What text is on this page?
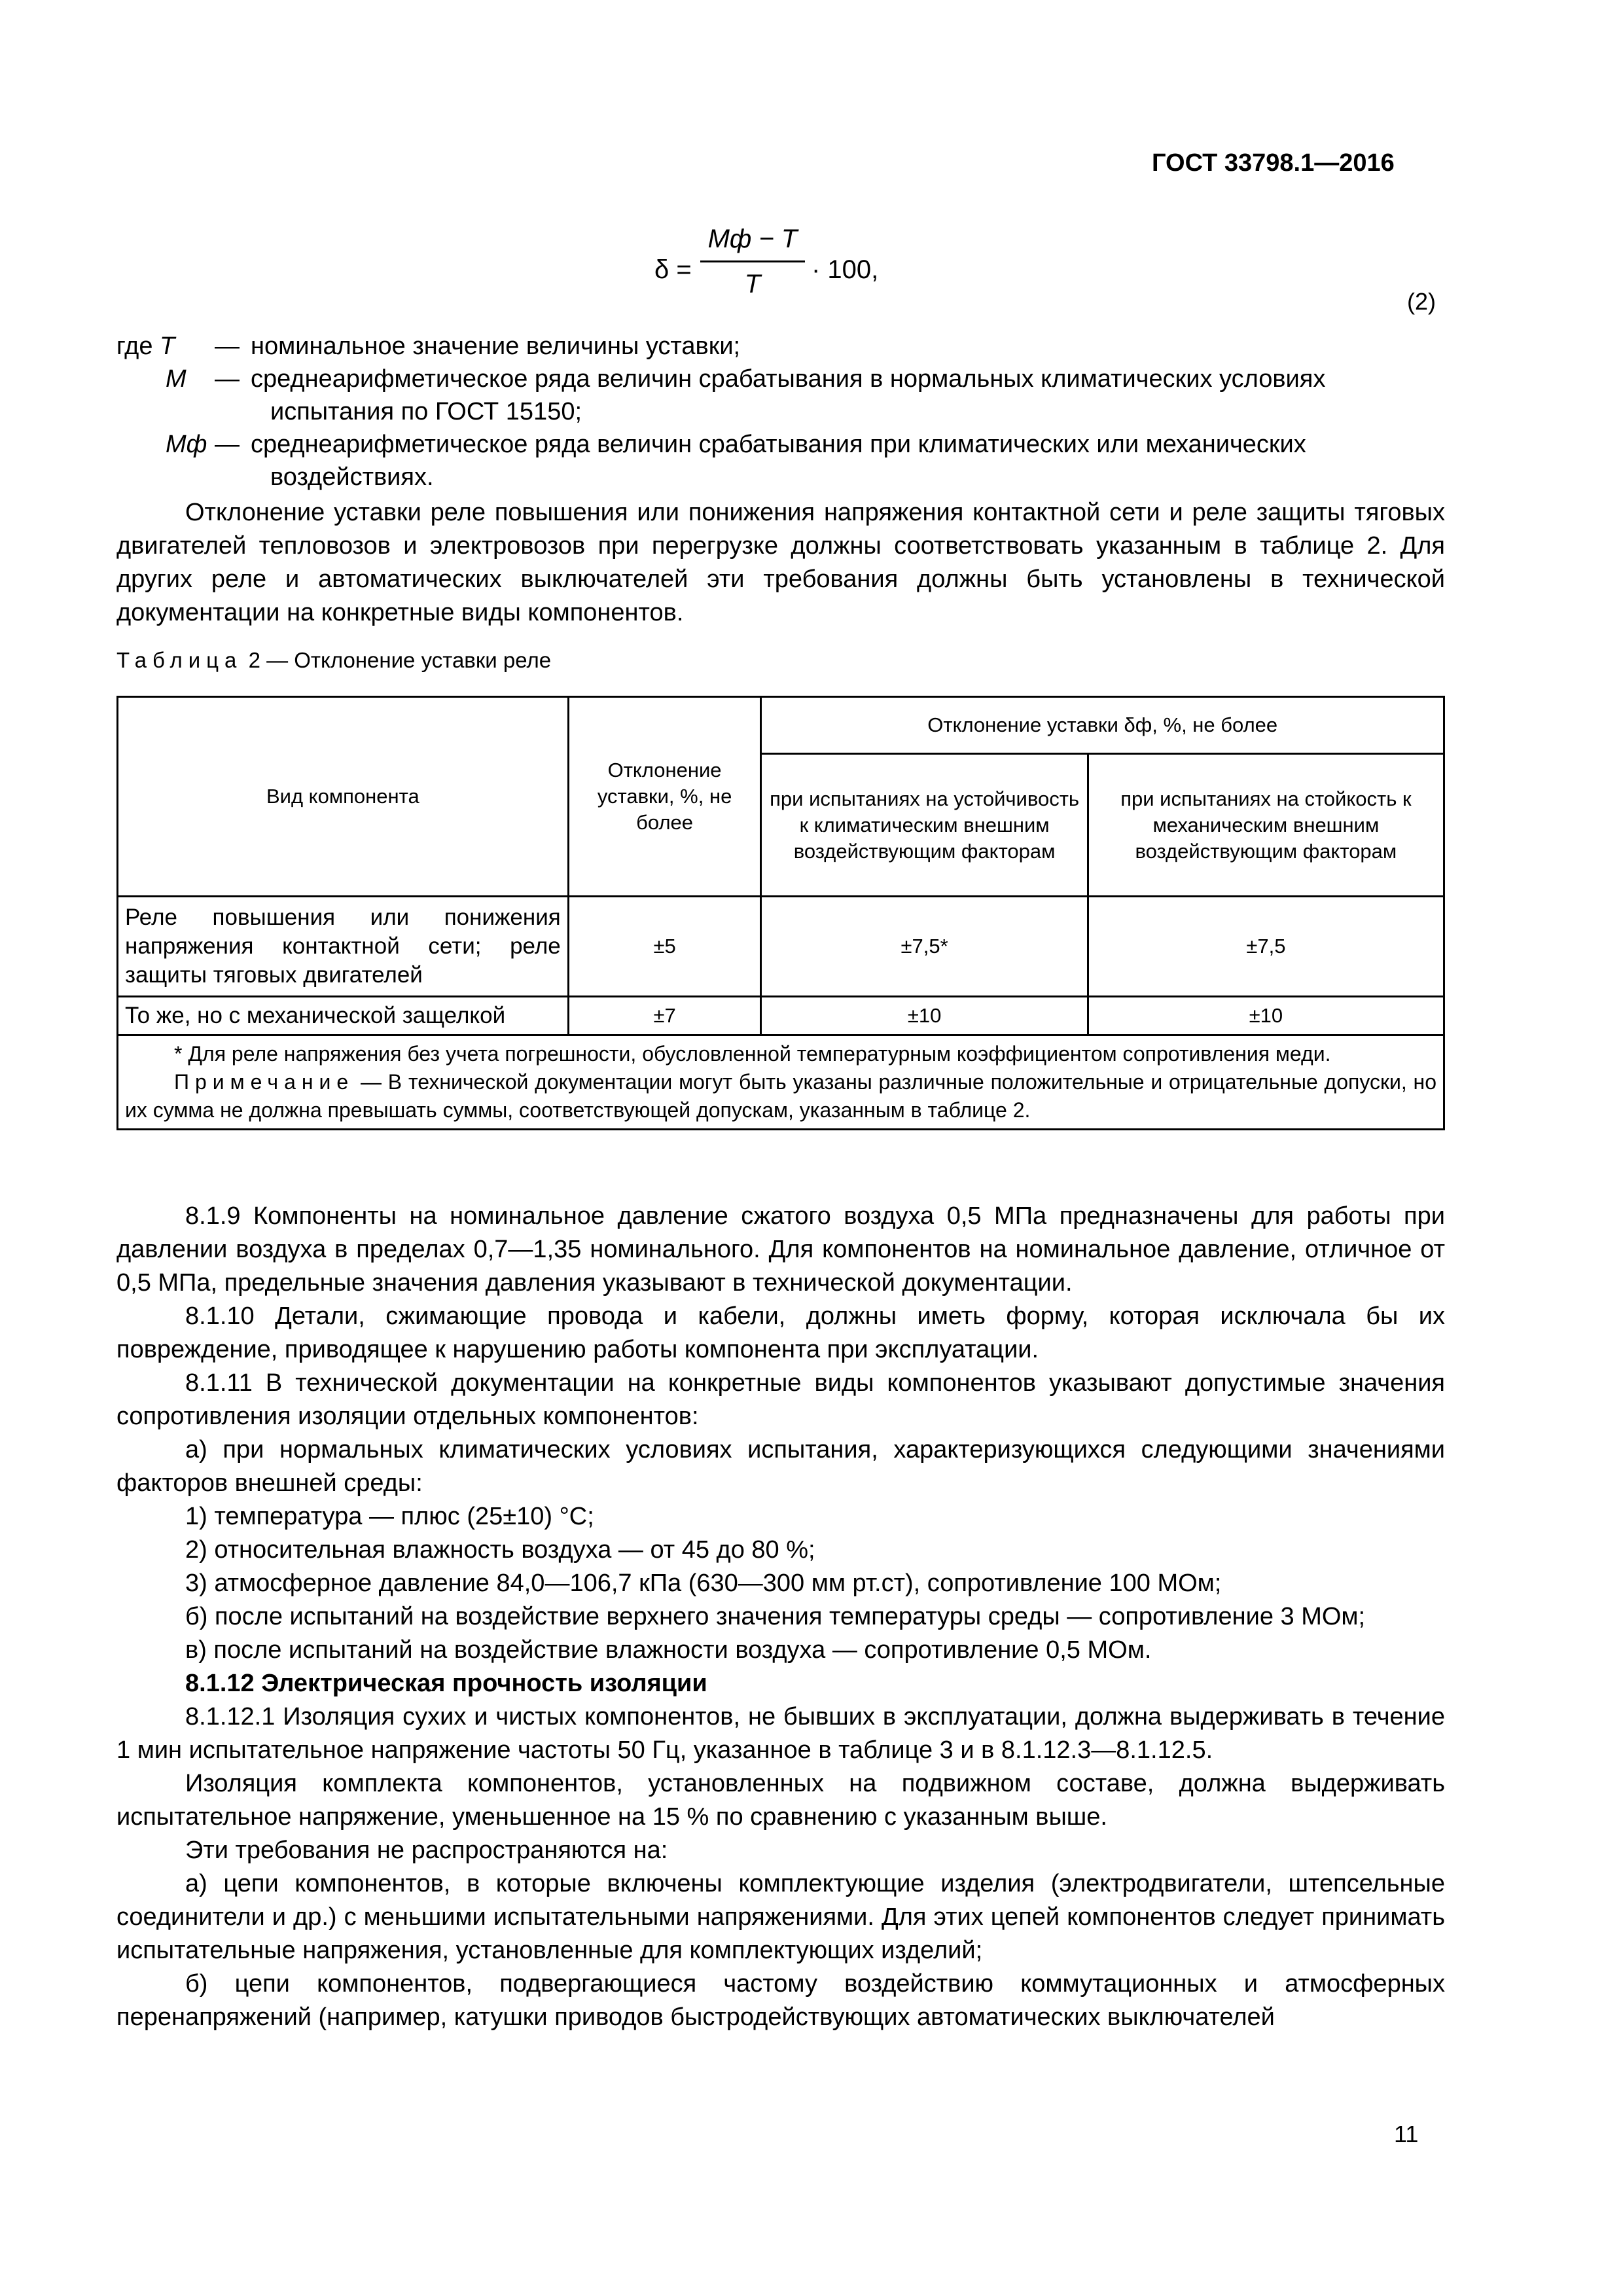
ГОСТ 33798.1—2016
δ =
Mф − T
T	· 100,
(2)
где T	— номинальное значение величины уставки;
M	— среднеарифметическое ряда величин срабатывания в нормальных климатических условиях
испытания по ГОСТ 15150;
Mф — среднеарифметическое ряда величин срабатывания при климатических или механических
воздействиях.
Отклонение уставки реле повышения или понижения напряжения контактной сети и реле защиты тяговых двигателей тепловозов и электровозов при перегрузке должны соответствовать указанным в таблице 2. Для других реле и автоматических выключателей эти требования должны быть установлены в технической документации на конкретные виды компонентов.
Таблица 2 — Отклонение уставки реле
Вид компонента	Отклонение уставки, %, не более	Отклонение уставки δф, %, не более	
		при испытаниях на устойчивость к климатическим внешним воздействующим факторам	при испытаниях на стойкость к механическим внешним воздействующим факторам
Реле повышения или понижения напряжения контактной сети; реле защиты тяговых двигателей	±5	±7,5*	±7,5
То же, но с механической защелкой	±7	±10	±10

* Для реле напряжения без учета погрешности, обусловленной температурным коэффициентом сопротивления меди.
Примечание — В технической документации могут быть указаны различные положительные и отрицательные допуски, но их сумма не должна превышать суммы, соответствующей допускам, указанным в таблице 2.			
8.1.9 Компоненты на номинальное давление сжатого воздуха 0,5 МПа предназначены для работы при давлении воздуха в пределах 0,7—1,35 номинального. Для компонентов на номинальное давление, отличное от 0,5 МПа, предельные значения давления указывают в технической документации.
8.1.10 Детали, сжимающие провода и кабели, должны иметь форму, которая исключала бы их повреждение, приводящее к нарушению работы компонента при эксплуатации.
8.1.11 В технической документации на конкретные виды компонентов указывают допустимые значения сопротивления изоляции отдельных компонентов:
а) при нормальных климатических условиях испытания, характеризующихся следующими значениями факторов внешней среды:
1) температура — плюс (25±10) °С;
2) относительная влажность воздуха — от 45 до 80 %;
3) атмосферное давление 84,0—106,7 кПа (630—300 мм рт.ст), сопротивление 100 МОм;
б) после испытаний на воздействие верхнего значения температуры среды — сопротивление 3 МОм;
в) после испытаний на воздействие влажности воздуха — сопротивление 0,5 МОм.
8.1.12 Электрическая прочность изоляции
8.1.12.1 Изоляция сухих и чистых компонентов, не бывших в эксплуатации, должна выдерживать в течение 1 мин испытательное напряжение частоты 50 Гц, указанное в таблице 3 и в 8.1.12.3—8.1.12.5.
Изоляция комплекта компонентов, установленных на подвижном составе, должна выдерживать испытательное напряжение, уменьшенное на 15 % по сравнению с указанным выше.
Эти требования не распространяются на:
а) цепи компонентов, в которые включены комплектующие изделия (электродвигатели, штепсельные соединители и др.) с меньшими испытательными напряжениями. Для этих цепей компонентов следует принимать испытательные напряжения, установленные для комплектующих изделий;
б) цепи компонентов, подвергающиеся частому воздействию коммутационных и атмосферных перенапряжений (например, катушки приводов быстродействующих автоматических выключателей
11
